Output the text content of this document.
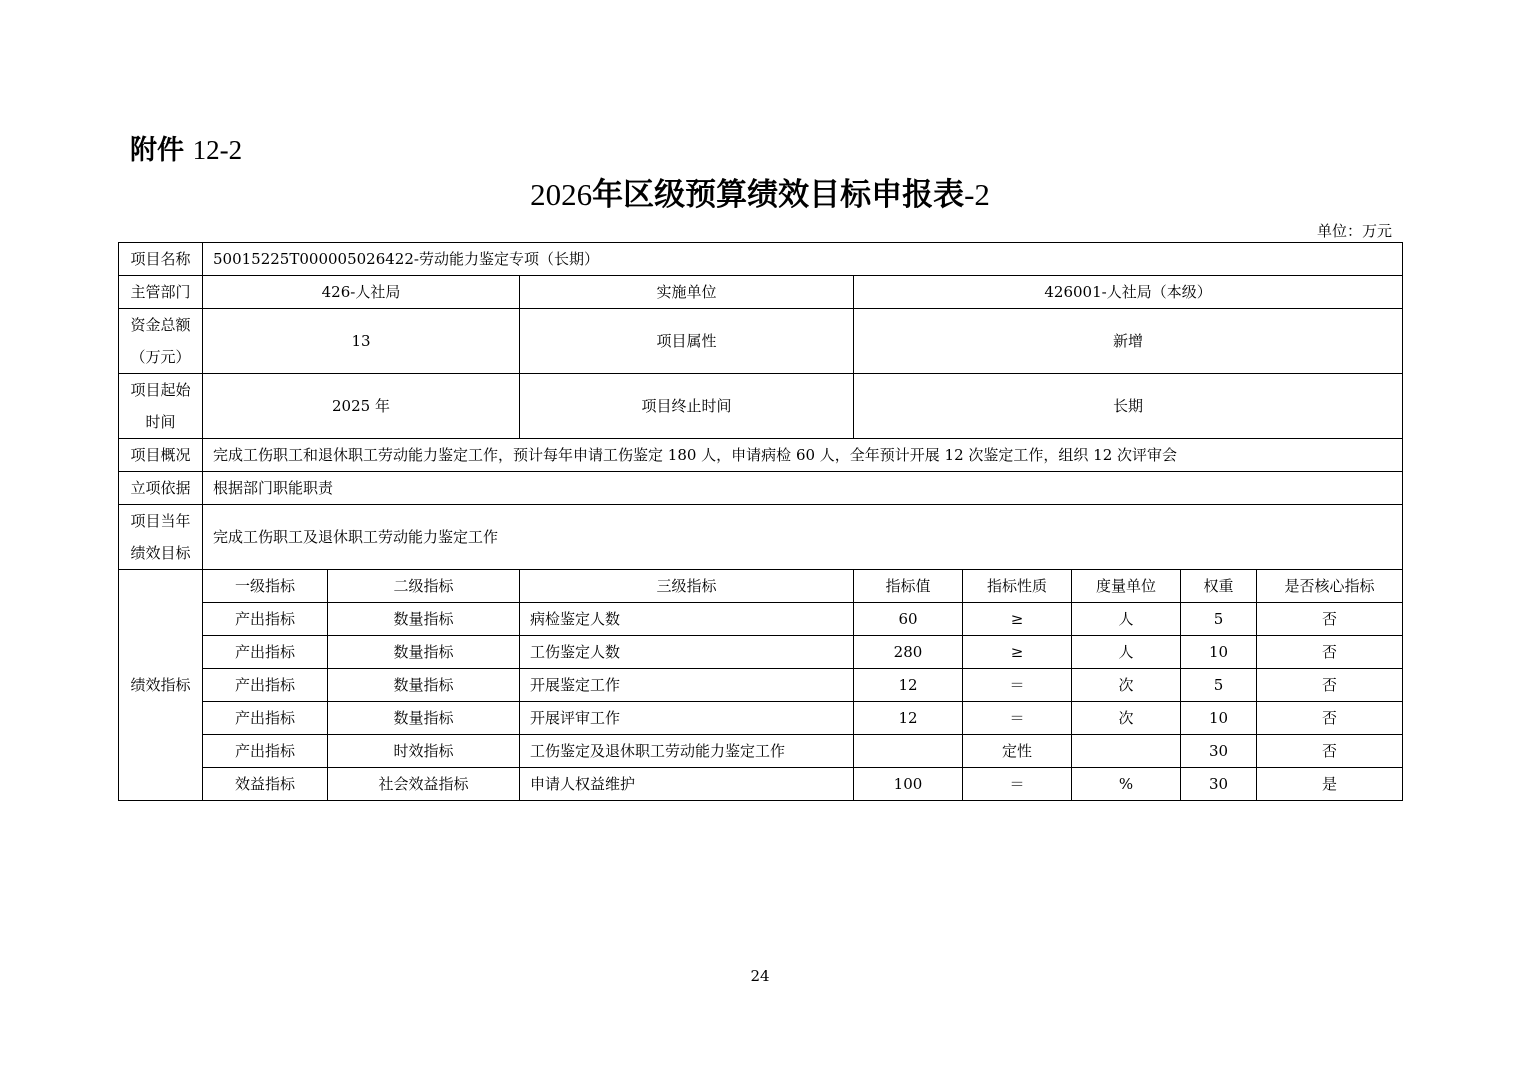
附件 12-2
2026年区级预算绩效目标申报表-2
单位：万元
项目名称	50015225T000005026422-劳动能力鉴定专项（长期）							
主管部门	426-人社局		实施单位	426001-人社局（本级）				

资金总额
（万元）	13		项目属性	新增				

项目起始
时间	2025 年		项目终止时间	长期				
项目概况	完成工伤职工和退休职工劳动能力鉴定工作，预计每年申请工伤鉴定 180 人，申请病检 60 人，全年预计开展 12 次鉴定工作，组织 12 次评审会							
立项依据	根据部门职能职责							

项目当年
绩效目标	完成工伤职工及退休职工劳动能力鉴定工作							
绩效指标	一级指标	二级指标	三级指标	指标值	指标性质	度量单位	权重	是否核心指标
	产出指标	数量指标	病检鉴定人数	60	≥	人	5	否
	产出指标	数量指标	工伤鉴定人数	280	≥	人	10	否
	产出指标	数量指标	开展鉴定工作	12	＝	次	5	否
	产出指标	数量指标	开展评审工作	12	＝	次	10	否
	产出指标	时效指标	工伤鉴定及退休职工劳动能力鉴定工作		定性		30	否
	效益指标	社会效益指标	申请人权益维护	100	＝	%	30	是
24
